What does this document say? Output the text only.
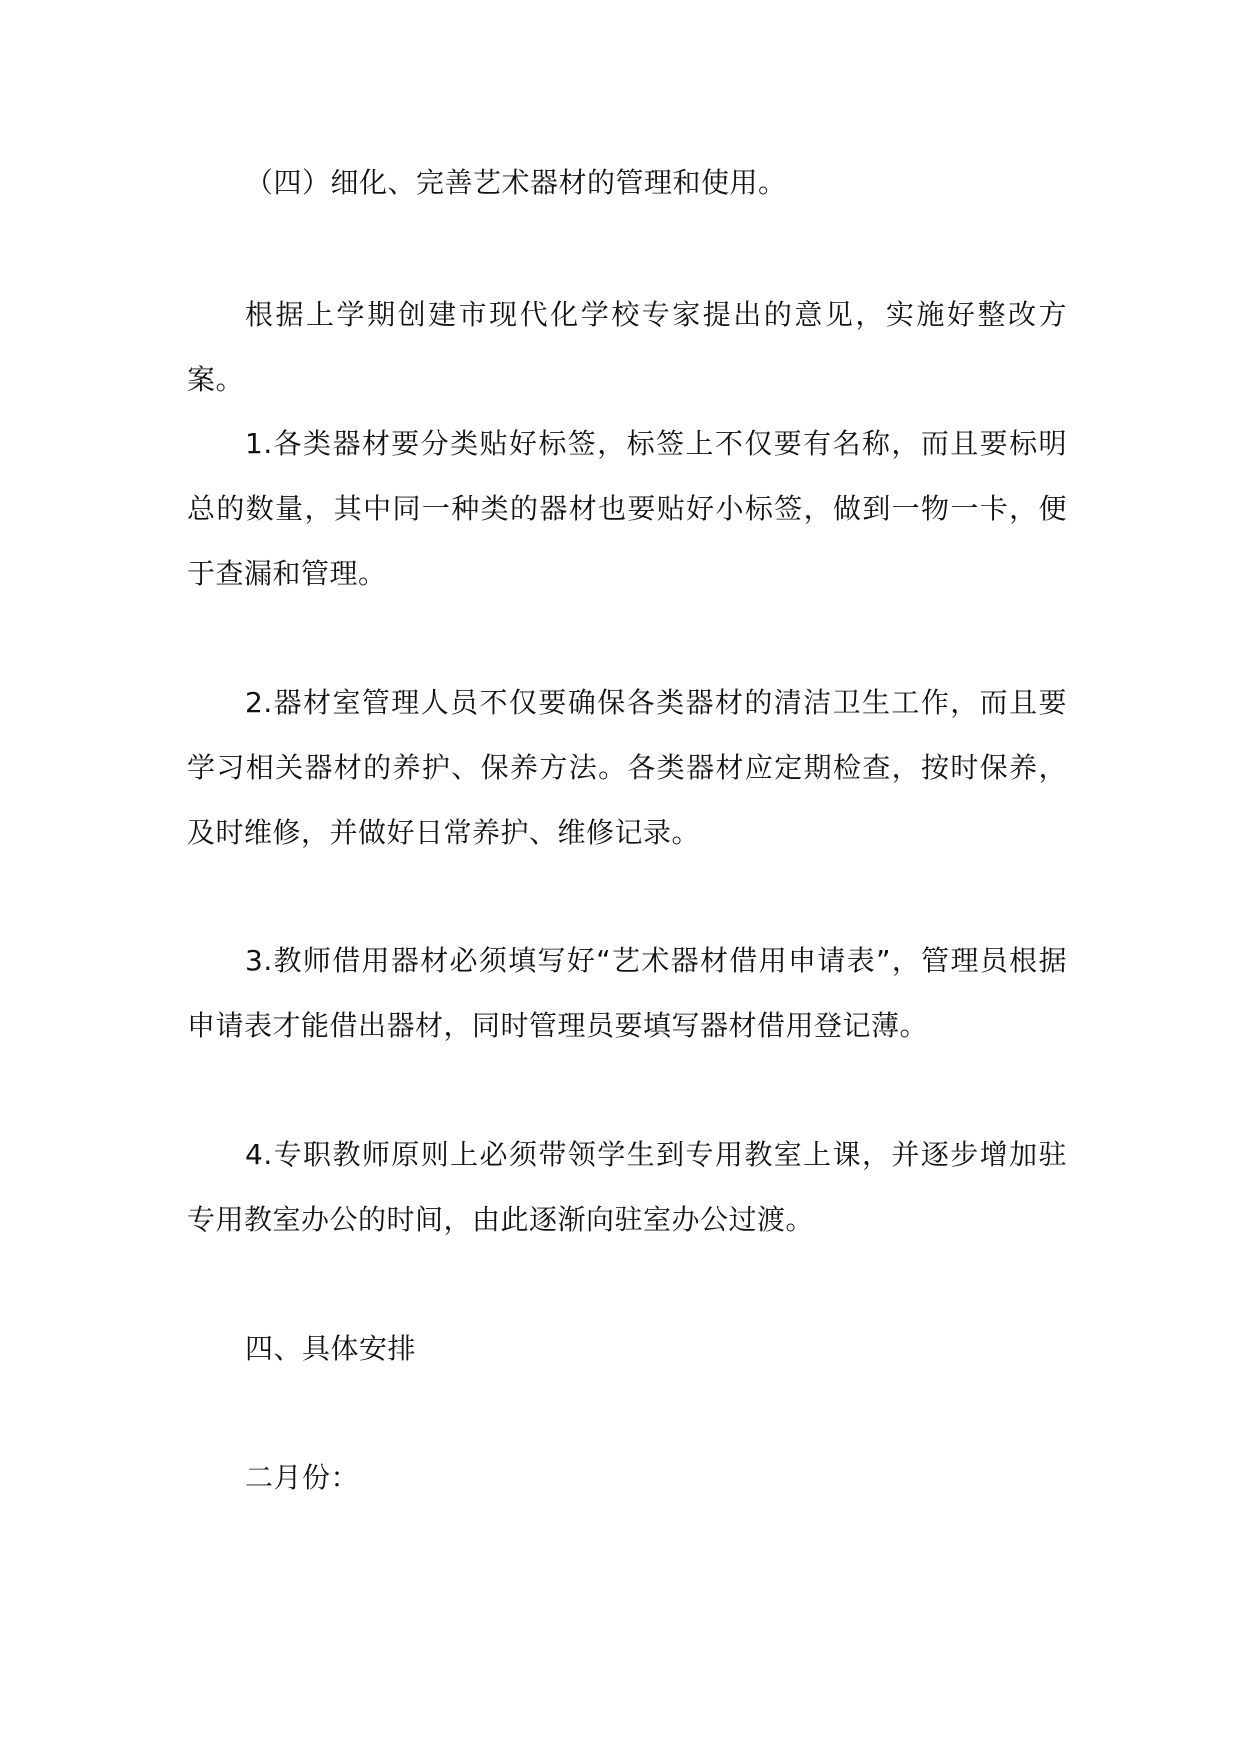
（四）细化、完善艺术器材的管理和使用。

根据上学期创建市现代化学校专家提出的意见，实施好整改方案。

1.各类器材要分类贴好标签，标签上不仅要有名称，而且要标明总的数量，其中同一种类的器材也要贴好小标签，做到一物一卡，便于查漏和管理。

2.器材室管理人员不仅要确保各类器材的清洁卫生工作，而且要学习相关器材的养护、保养方法。各类器材应定期检查，按时保养，及时维修，并做好日常养护、维修记录。

3.教师借用器材必须填写好“艺术器材借用申请表”，管理员根据申请表才能借出器材，同时管理员要填写器材借用登记薄。

4.专职教师原则上必须带领学生到专用教室上课，并逐步增加驻专用教室办公的时间，由此逐渐向驻室办公过渡。

四、具体安排

二月份：
